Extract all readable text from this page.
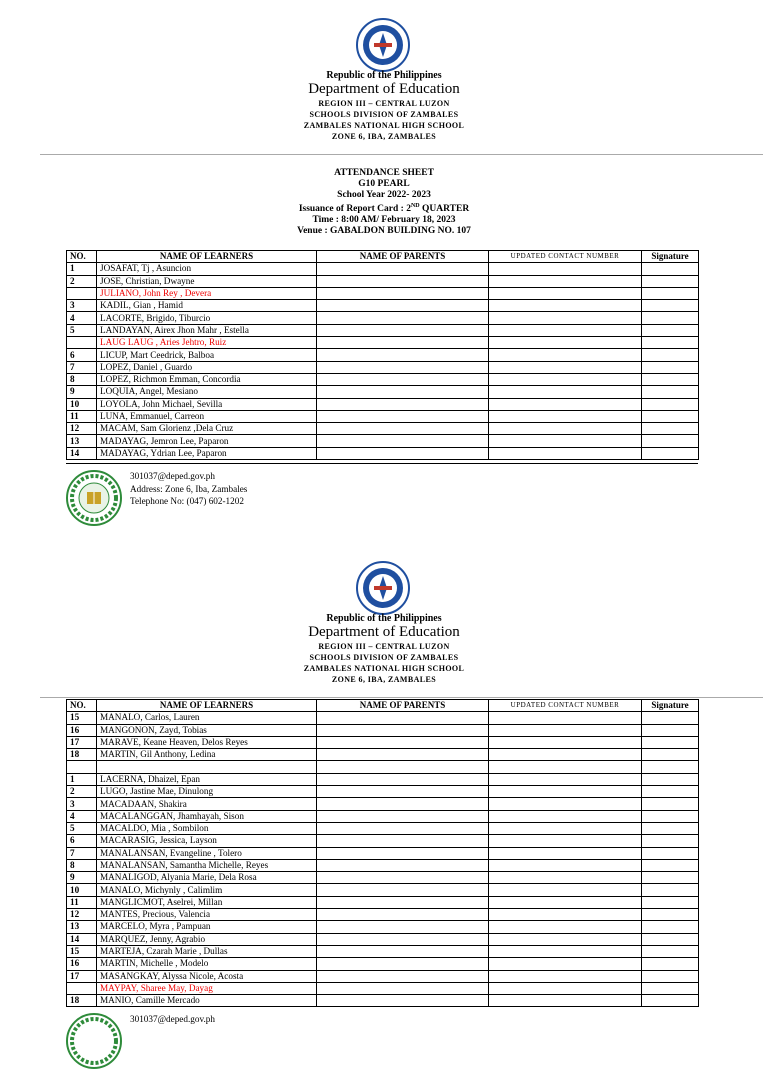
Republic of the Philippines
Department of Education
REGION III – CENTRAL LUZON
SCHOOLS DIVISION OF ZAMBALES
ZAMBALES NATIONAL HIGH SCHOOL
ZONE 6, IBA, ZAMBALES
ATTENDANCE SHEET
G10 PEARL
School Year 2022- 2023
Issuance of Report Card : 2ND QUARTER
Time : 8:00 AM/ February 18, 2023
Venue : GABALDON BUILDING NO. 107
NO.	NAME OF LEARNERS	NAME OF PARENTS	UPDATED CONTACT NUMBER	Signature
1	JOSAFAT, Tj , Asuncion			
2	JOSE, Christian, Dwayne			
	JULIANO, John Rey , Devera			
3	KADIL, Gian , Hamid			
4	LACORTE, Brigido, Tiburcio			
5	LANDAYAN, Airex Jhon Mahr , Estella			
	LAUG LAUG , Aries Jehtro, Ruiz			
6	LICUP, Mart Ceedrick, Balboa			
7	LOPEZ, Daniel , Guardo			
8	LOPEZ, Richmon Emman, Concordia			
9	LOQUIA, Angel, Mesiano			
10	LOYOLA, John Michael, Sevilla			
11	LUNA, Emmanuel, Carreon			
12	MACAM, Sam Glorienz ,Dela Cruz			
13	MADAYAG, Jemron Lee, Paparon			
14	MADAYAG, Ydrian Lee, Paparon			
301037@deped.gov.ph
Address: Zone 6, Iba, Zambales
Telephone No: (047) 602-1202
Republic of the Philippines
Department of Education
REGION III – CENTRAL LUZON
SCHOOLS DIVISION OF ZAMBALES
ZAMBALES NATIONAL HIGH SCHOOL
ZONE 6, IBA, ZAMBALES
15	MANALO, Carlos, Lauren			
16	MANGONON, Zayd, Tobias			
17	MARAVE, Keane Heaven, Delos Reyes			
18	MARTIN, Gil Anthony, Ledina			

NO.	NAME OF LEARNERS	NAME OF PARENTS	UPDATED CONTACT NUMBER	Signature
1	LACERNA, Dhaizel, Epan			
2	LUGO, Jastine Mae, Dinulong			
3	MACADAAN, Shakira			
4	MACALANGGAN, Jhamhayah, Sison			
5	MACALDO, Mia , Sombilon			
6	MACARASIG, Jessica, Layson			
7	MANALANSAN, Evangeline , Tolero			
8	MANALANSAN, Samantha Michelle, Reyes			
9	MANALIGOD, Alyania Marie, Dela Rosa			
10	MANALO, Michynly , Calimlim			
11	MANGLICMOT, Aselrei, Millan			
12	MANTES, Precious, Valencia			
13	MARCELO, Myra , Pampuan			
14	MARQUEZ, Jenny, Agrabio			
15	MARTEJA, Czarah Marie , Dullas			
16	MARTIN, Michelle , Modelo			
17	MASANGKAY, Alyssa Nicole, Acosta			
	MAYPAY, Sharee May, Dayag			
18	MANIO, Camille Mercado			
301037@deped.gov.ph
